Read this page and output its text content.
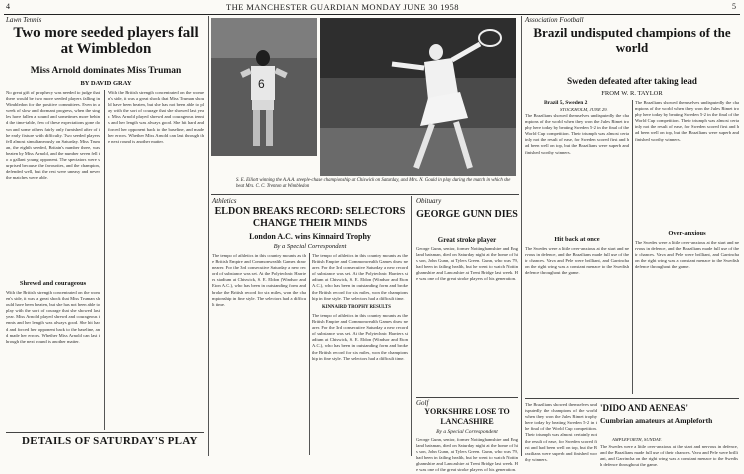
4	THE MANCHESTER GUARDIAN MONDAY JUNE 30 1958	5
Lawn Tennis
Two more seeded players fall at Wimbledon
Miss Arnold dominates Miss Truman
BY DAVID GRAY
No great gift of prophecy was needed to judge that there would be two more seeded players falling in Wimbledon for the positive committees. Even in a week of slow and dormant progress, when the singles have fallen a sound and sometimes more behind the time-table, few of these expectations gone down and some others fairly only furnished after of the early fixture with difficulty. Two seeded players fell almost simultaneously on Saturday. Miss Truman, the eighth seeded, Britain's number three, was beaten by Miss Arnold, and the number seven fell to a gallant young opponent. The spectators were surprised because the favourites, and the champion, defended well, but the rest were uneasy and never the matches were able.
Shrewd and courageous
With the British strength concentrated on the women's side, it was a great shock that Miss Truman should have been beaten, but she has not been able to play with the sort of courage that she showed last year. Miss Arnold played shrewd and courageous tennis and her length was always good. She hit hard and forced her opponent back to the baseline, and made her errors. Whether Miss Arnold can last through the next round is another matter.
With the British strength concentrated on the women's side, it was a great shock that Miss Truman should have been beaten, but she has not been able to play with the sort of courage that she showed last year. Miss Arnold played shrewd and courageous tennis and her length was always good. She hit hard and forced her opponent back to the baseline, and made her errors. Whether Miss Arnold can last through the next round is another matter.
DETAILS OF SATURDAY'S PLAY
6
S. E. Elliott winning the A.A.A. steeple-chase championship at Chiswick on Saturday, and Mrs. N. Gould in play during the match in which she beat Mrs. C. C. Trenton at Wimbledon
Athletics
ELDON BREAKS RECORD: SELECTORS CHANGE THEIR MINDS
London A.C. wins Kinnaird Trophy
By a Special Correspondent
The tempo of athletics in this country mounts as the British Empire and Commonwealth Games draw nearer. For the 3rd consecutive Saturday a new record of substance was set. At the Polytechnic Harriers stadium at Chiswick, S. E. Eldon (Windsor and Eton A.C.), who has been in outstanding form and broke the British record for six miles, won the championship in fine style. The selectors had a difficult time.
The tempo of athletics in this country mounts as the British Empire and Commonwealth Games draw nearer. For the 3rd consecutive Saturday a new record of substance was set. At the Polytechnic Harriers stadium at Chiswick, S. E. Eldon (Windsor and Eton A.C.), who has been in outstanding form and broke the British record for six miles, won the championship in fine style. The selectors had a difficult time.
KINNAIRD TROPHY RESULTS
The tempo of athletics in this country mounts as the British Empire and Commonwealth Games draw nearer. For the 3rd consecutive Saturday a new record of substance was set. At the Polytechnic Harriers stadium at Chiswick, S. E. Eldon (Windsor and Eton A.C.), who has been in outstanding form and broke the British record for six miles, won the championship in fine style. The selectors had a difficult time.
Obituary
GEORGE GUNN DIES
Great stroke player
George Gunn, senior, former Nottinghamshire and England batsman, died on Saturday night at the home of his son, John Gunn, at Tylers Green. Gunn, who was 79, had been in failing health, but he went to watch Nottinghamshire and Lancashire at Trent Bridge last week. He was one of the great stroke players of his generation.
Golf
YORKSHIRE LOSE TO LANCASHIRE
By a Special Correspondent
George Gunn, senior, former Nottinghamshire and England batsman, died on Saturday night at the home of his son, John Gunn, at Tylers Green. Gunn, who was 79, had been in failing health, but he went to watch Nottinghamshire and Lancashire at Trent Bridge last week. He was one of the great stroke players of his generation.
Association Football
Brazil undisputed champions of the world
Sweden defeated after taking lead
FROM W. R. TAYLOR
Brazil 5, Sweden 2
STOCKHOLM, JUNE 29.
The Brazilians showed themselves undisputedly the champions of the world when they won the Jules Rimet trophy here today by beating Sweden 5-2 in the final of the World Cup competition. Their triumph was almost certainly not the result of ease, for Sweden scored first and had been well on top, but the Brazilians were superb and finished worthy winners.
Hit back at once
The Swedes were a little over-anxious at the start and nervous in defence, and the Brazilians made full use of their chances. Vava and Pele were brilliant, and Garrincha on the right wing was a constant menace to the Swedish defence throughout the game.
The Brazilians showed themselves undisputedly the champions of the world when they won the Jules Rimet trophy here today by beating Sweden 5-2 in the final of the World Cup competition. Their triumph was almost certainly not the result of ease, for Sweden scored first and had been well on top, but the Brazilians were superb and finished worthy winners.
Over-anxious
The Swedes were a little over-anxious at the start and nervous in defence, and the Brazilians made full use of their chances. Vava and Pele were brilliant, and Garrincha on the right wing was a constant menace to the Swedish defence throughout the game.
'DIDO AND AENEAS'
Cumbrian amateurs at Ampleforth
AMPLEFORTH, SUNDAY.
The Swedes were a little over-anxious at the start and nervous in defence, and the Brazilians made full use of their chances. Vava and Pele were brilliant, and Garrincha on the right wing was a constant menace to the Swedish defence throughout the game.
The Brazilians showed themselves undisputedly the champions of the world when they won the Jules Rimet trophy here today by beating Sweden 5-2 in the final of the World Cup competition. Their triumph was almost certainly not the result of ease, for Sweden scored first and had been well on top, but the Brazilians were superb and finished worthy winners.
